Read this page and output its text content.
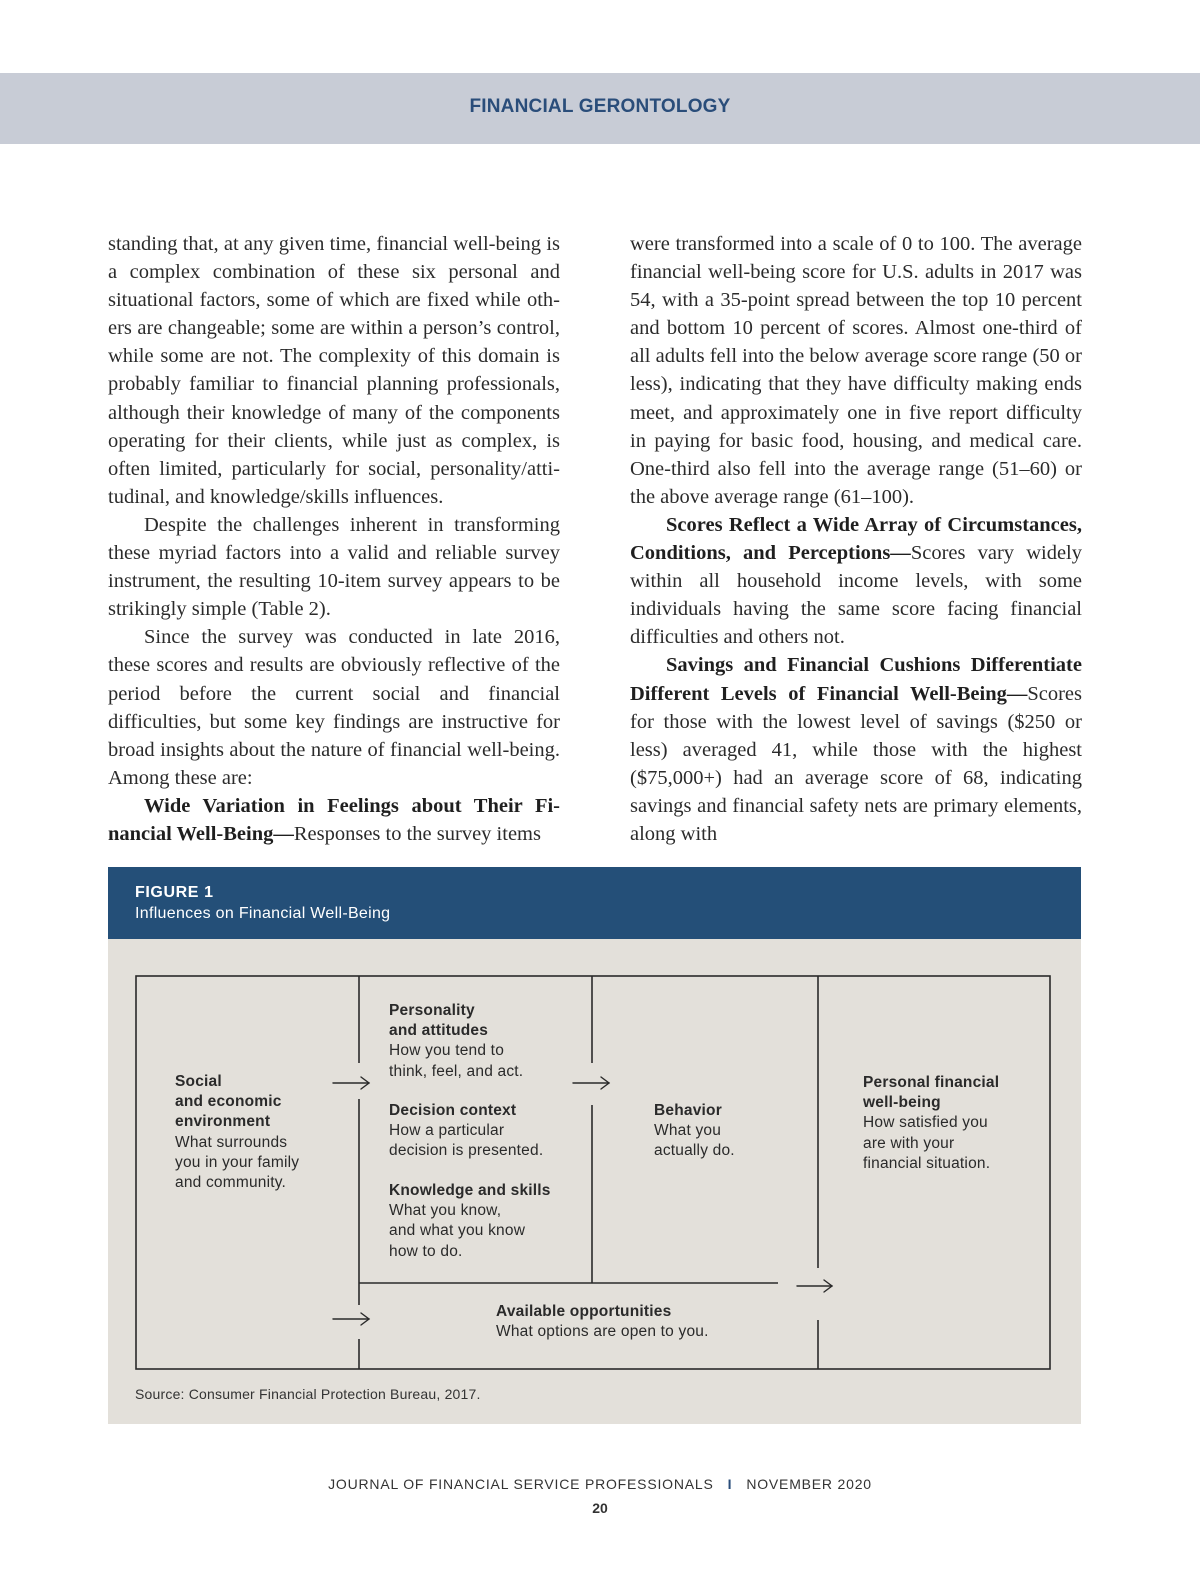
FINANCIAL GERONTOLOGY

standing that, at any given time, financial well-being is a complex combination of these six personal and situational factors, some of which are fixed while others are changeable; some are within a person’s control, while some are not. The complexity of this domain is probably familiar to financial planning professionals, although their knowledge of many of the components operating for their clients, while just as complex, is often limited, particularly for social, personality/attitudinal, and knowledge/skills influences.

Despite the challenges inherent in transforming these myriad factors into a valid and reliable survey instrument, the resulting 10-item survey appears to be strikingly simple (Table 2).

Since the survey was conducted in late 2016, these scores and results are obviously reflective of the period before the current social and financial difficulties, but some key findings are instructive for broad insights about the nature of financial well-being. Among these are:

Wide Variation in Feelings about Their Financial Well-Being—Responses to the survey items

were transformed into a scale of 0 to 100. The average financial well-being score for U.S. adults in 2017 was 54, with a 35-point spread between the top 10 percent and bottom 10 percent of scores. Almost one-third of all adults fell into the below average score range (50 or less), indicating that they have difficulty making ends meet, and approximately one in five report difficulty in paying for basic food, housing, and medical care. One-third also fell into the average range (51–60) or the above average range (61–100).

Scores Reflect a Wide Array of Circumstances, Conditions, and Perceptions—Scores vary widely within all household income levels, with some individuals having the same score facing financial difficulties and others not.

Savings and Financial Cushions Differentiate Different Levels of Financial Well-Being—Scores for those with the lowest level of savings ($250 or less) averaged 41, while those with the highest ($75,000+) had an average score of 68, indicating savings and financial safety nets are primary elements, along with

FIGURE 1
Influences on Financial Well-Being
Social
and economic
environment
What surrounds
you in your family
and community.
Personality
and attitudes
How you tend to
think, feel, and act.
Decision context
How a particular
decision is presented.
Knowledge and skills
What you know,
and what you know
how to do.
Behavior
What you
actually do.
Personal financial
well-being
How satisfied you
are with your
financial situation.
Available opportunities
What options are open to you.
Source: Consumer Financial Protection Bureau, 2017.
JOURNAL OF FINANCIAL SERVICE PROFESSIONALS I NOVEMBER 2020
20
